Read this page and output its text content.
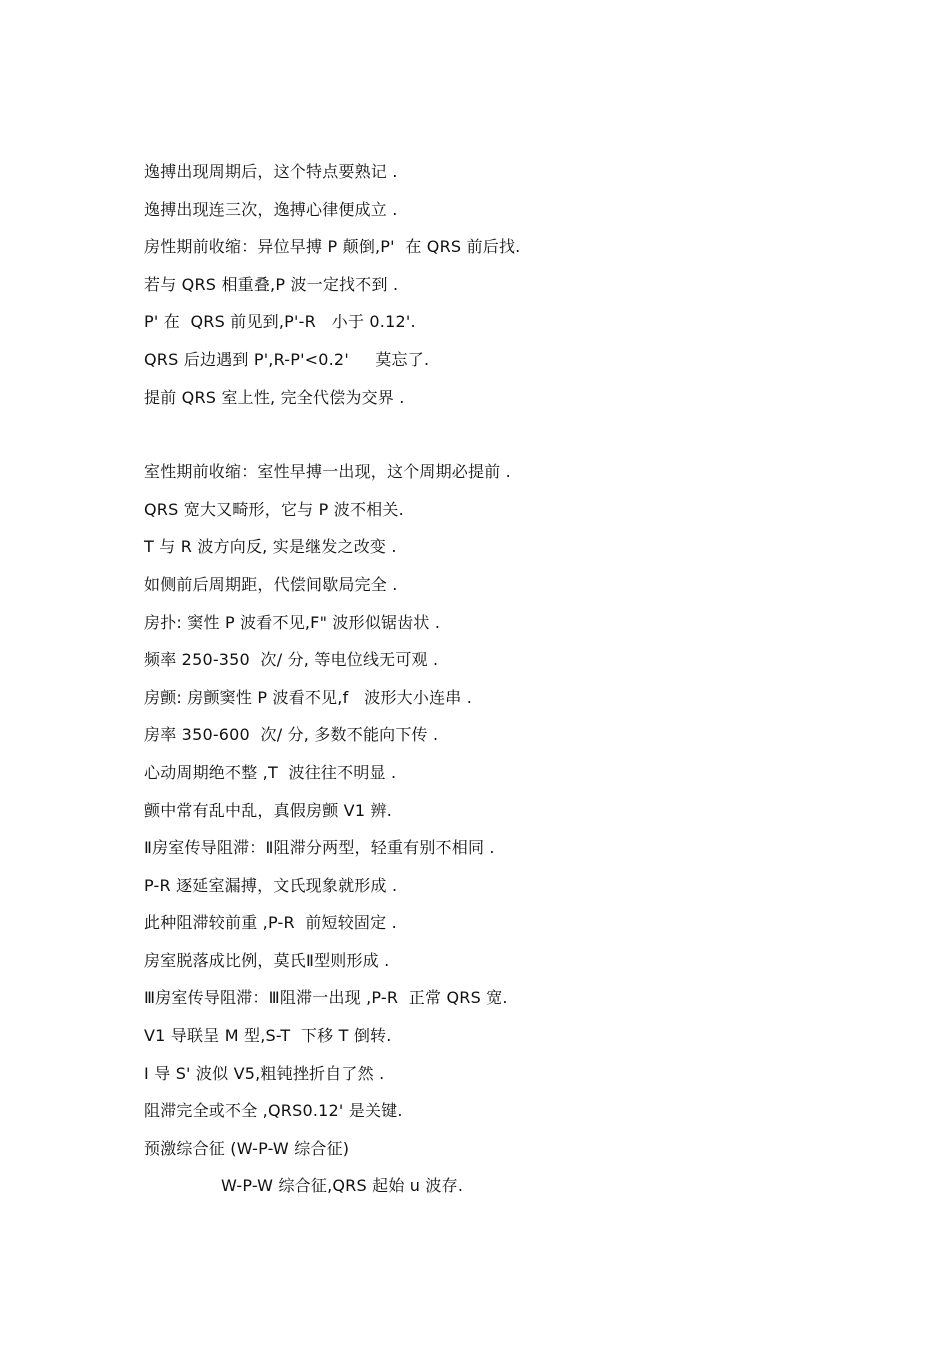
逸搏出现周期后，这个特点要熟记 .
逸搏出现连三次，逸搏心律便成立 .
房性期前收缩：异位早搏 P 颠倒,P'  在 QRS 前后找.
若与 QRS 相重叠,P 波一定找不到 .
P' 在  QRS 前见到,P'-R   小于 0.12'.
QRS 后边遇到 P',R-P'<0.2'     莫忘了.
提前 QRS 室上性, 完全代偿为交界 .
室性期前收缩：室性早搏一出现，这个周期必提前 .
QRS 宽大又畸形，它与 P 波不相关.
T 与 R 波方向反, 实是继发之改变 .
如侧前后周期距，代偿间歇局完全 .
房扑: 窦性 P 波看不见,F" 波形似锯齿状 .
频率 250-350  次/ 分, 等电位线无可观 .
房颤: 房颤窦性 P 波看不见,f   波形大小连串 .
房率 350-600  次/ 分, 多数不能向下传 .
心动周期绝不整 ,T  波往往不明显 .
颤中常有乱中乱，真假房颤 V1 辨.
Ⅱ房室传导阻滞：Ⅱ阻滞分两型，轻重有别不相同 .
P-R 逐延室漏搏，文氏现象就形成 .
此种阻滞较前重 ,P-R  前短较固定 .
房室脱落成比例，莫氏Ⅱ型则形成 .
Ⅲ房室传导阻滞：Ⅲ阻滞一出现 ,P-R  正常 QRS 宽.
V1 导联呈 M 型,S-T  下移 T 倒转.
I 导 S' 波似 V5,粗钝挫折自了然 .
阻滞完全或不全 ,QRS0.12' 是关键.
预激综合征 (W-P-W 综合征)
W-P-W 综合征,QRS 起始 u 波存.
